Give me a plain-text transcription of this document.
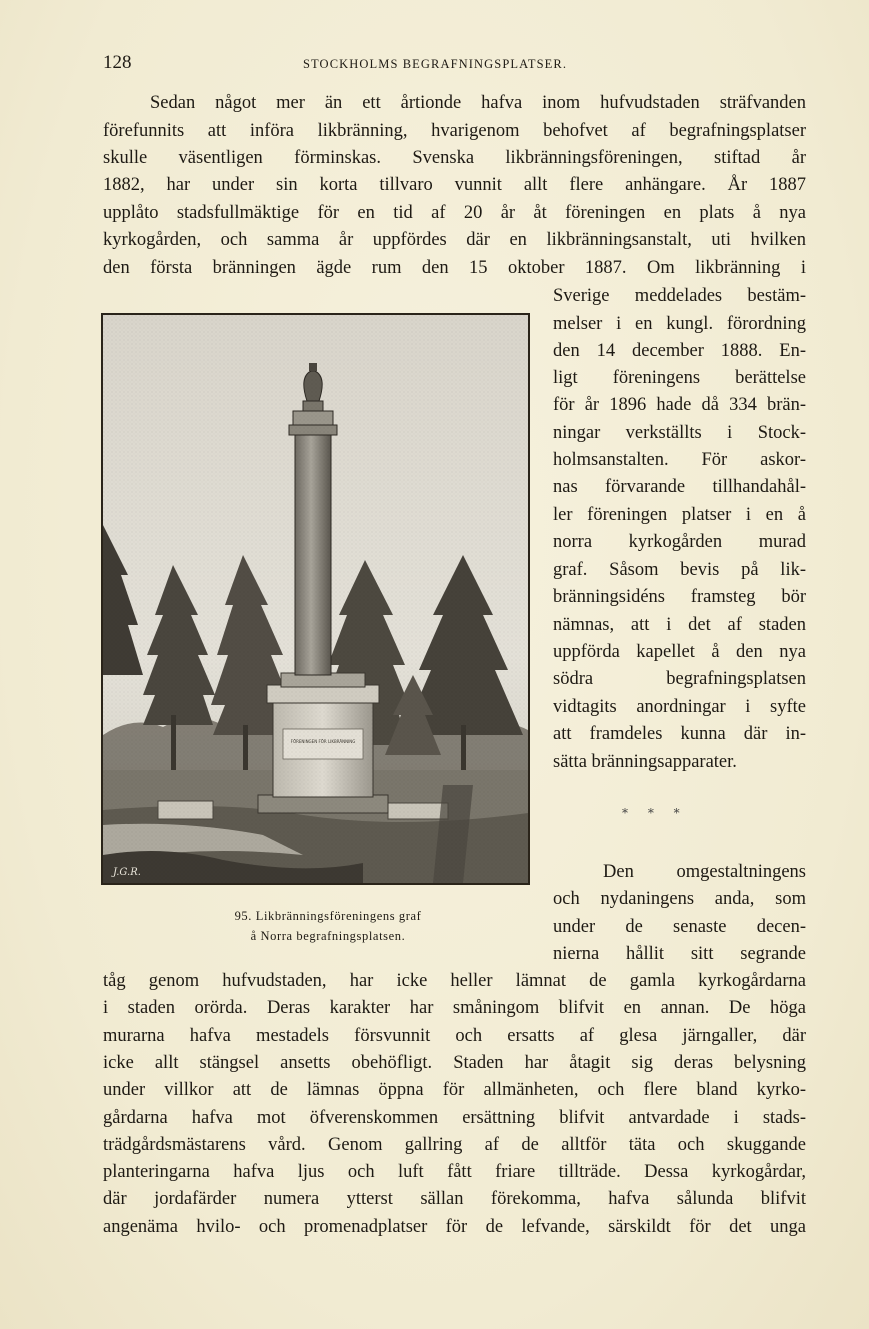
128	STOCKHOLMS BEGRAFNINGSPLATSER.
Sedan något mer än ett årtionde hafva inom hufvudstaden sträfvanden
förefunnits att införa likbränning, hvarigenom behofvet af begrafningsplatser
skulle väsentligen förminskas. Svenska likbränningsföreningen, stiftad år
1882, har under sin korta tillvaro vunnit allt flere anhängare. År 1887
upplåto stadsfullmäktige för en tid af 20 år åt föreningen en plats å nya
kyrkogården, och samma år uppfördes där en likbränningsanstalt, uti hvilken
den första bränningen ägde rum den 15 oktober 1887. Om likbränning i
Sverige meddelades bestäm-
melser i en kungl. förordning
den 14 december 1888. En-
ligt föreningens berättelse
för år 1896 hade då 334 brän-
ningar verkställts i Stock-
holmsanstalten. För askor-
nas förvarande tillhandahål-
ler föreningen platser i en å
norra kyrkogården murad
graf. Såsom bevis på lik-
bränningsidéns framsteg bör
nämnas, att i det af staden
uppförda kapellet å den nya
södra begrafningsplatsen
vidtagits anordningar i syfte
att framdeles kunna där in-
sätta bränningsapparater.
* * *
J.G.R.
95. Likbränningsföreningens graf
å Norra begrafningsplatsen.
Den omgestaltningens
och nydaningens anda, som
under de senaste decen-
nierna hållit sitt segrande
tåg genom hufvudstaden, har icke heller lämnat de gamla kyrkogårdarna
i staden orörda. Deras karakter har småningom blifvit en annan. De höga
murarna hafva mestadels försvunnit och ersatts af glesa järngaller, där
icke allt stängsel ansetts obehöfligt. Staden har åtagit sig deras belysning
under villkor att de lämnas öppna för allmänheten, och flere bland kyrko-
gårdarna hafva mot öfverenskommen ersättning blifvit antvardade i stads-
trädgårdsmästarens vård. Genom gallring af de alltför täta och skuggande
planteringarna hafva ljus och luft fått friare tillträde. Dessa kyrkogårdar,
där jordafärder numera ytterst sällan förekomma, hafva sålunda blifvit
angenäma hvilo- och promenadplatser för de lefvande, särskildt för det unga
